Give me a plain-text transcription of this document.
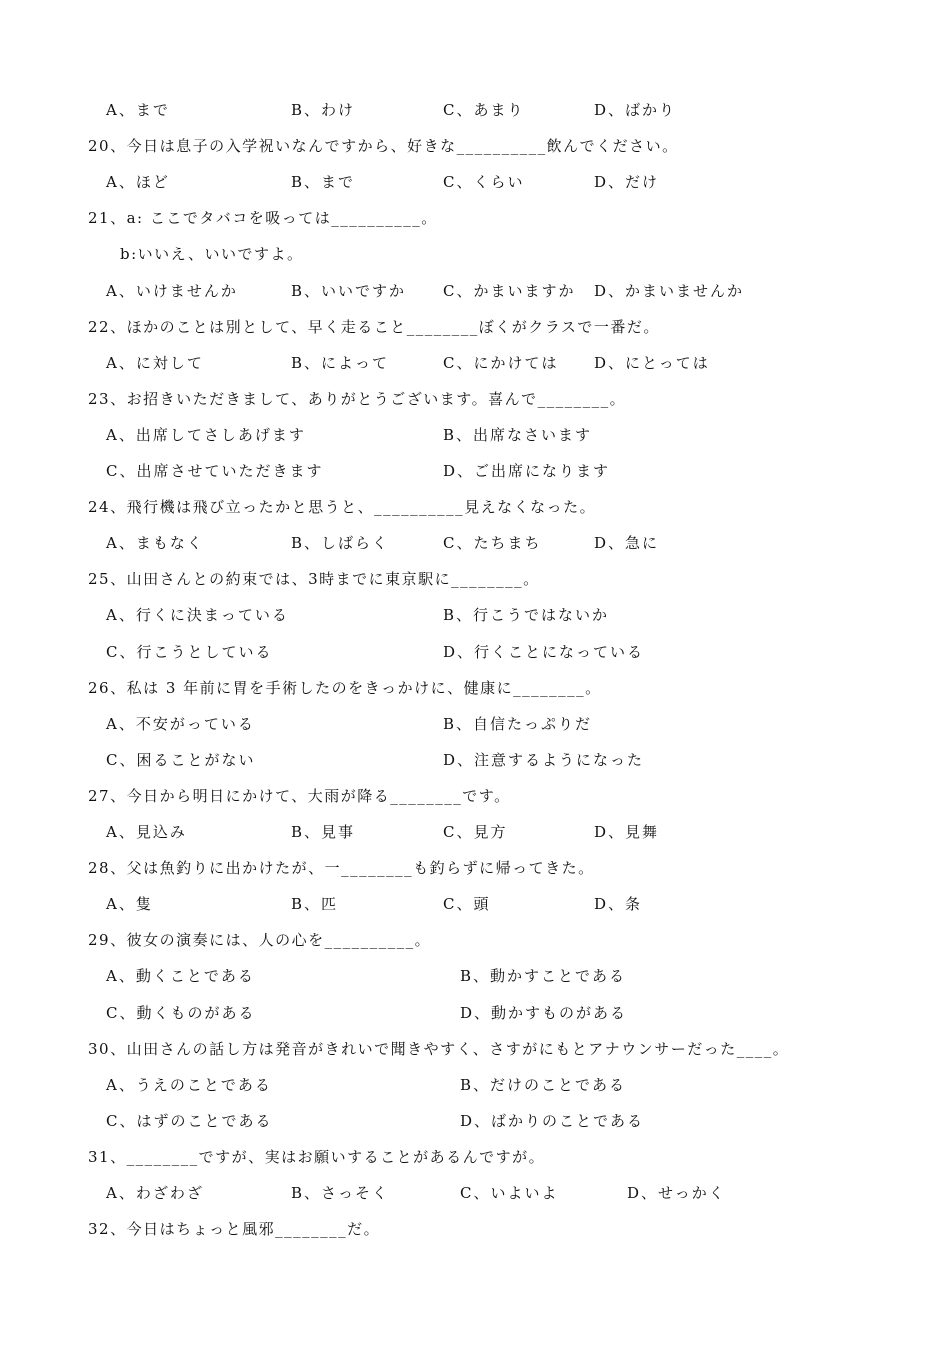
A、まで	B、わけ	C、あまり	D、ばかり
20、今日は息子の入学祝いなんですから、好きな__________飲んでください。
A、ほど	B、まで	C、くらい	D、だけ
21、a: ここでタバコを吸っては__________。
b:いいえ、いいですよ。
A、いけませんか	B、いいですか C、かまいますか D、かまいませんか
22、ほかのことは別として、早く走ること________ぼくがクラスで一番だ。
A、に対して	B、によって	C、にかけては D、にとっては
23、お招きいただきまして、ありがとうございます。喜んで________。
A、出席してさしあげます	B、出席なさいます
C、出席させていただきます	D、ご出席になります
24、飛行機は飛び立ったかと思うと、__________見えなくなった。
A、まもなく	B、しばらく	C、たちまち	D、急に
25、山田さんとの約束では、3時までに東京駅に________。
A、行くに決まっている	B、行こうではないか
C、行こうとしている	D、行くことになっている
26、私は 3 年前に胃を手術したのをきっかけに、健康に________。
A、不安がっている	B、自信たっぷりだ
C、困ることがない	D、注意するようになった
27、今日から明日にかけて、大雨が降る________です。
A、見込み	B、見事	C、見方	D、見舞
28、父は魚釣りに出かけたが、一________も釣らずに帰ってきた。
A、隻	B、匹	C、頭	D、条
29、彼女の演奏には、人の心を__________。
A、動くことである	B、動かすことである
C、動くものがある	D、動かすものがある
30、山田さんの話し方は発音がきれいで聞きやすく、さすがにもとアナウンサーだった____。
A、うえのことである	B、だけのことである
C、はずのことである	D、ばかりのことである
31、________ですが、実はお願いすることがあるんですが。
A、わざわざ	B、さっそく	C、いよいよ	D、せっかく
32、今日はちょっと風邪________だ。
